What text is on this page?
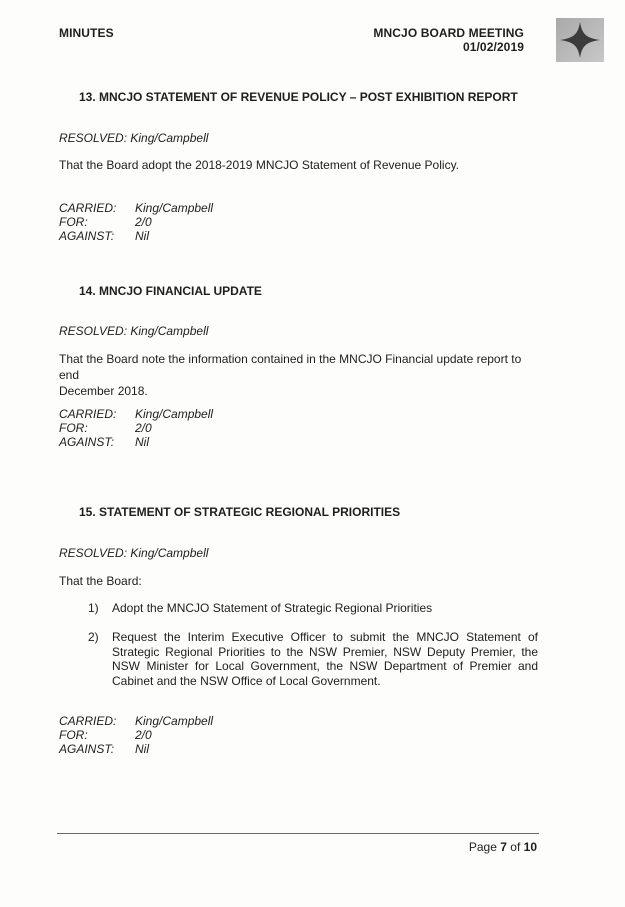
MINUTES	MNCJO BOARD MEETING
01/02/2019
13. MNCJO STATEMENT OF REVENUE POLICY – POST EXHIBITION REPORT
RESOLVED: King/Campbell
That the Board adopt the 2018-2019 MNCJO Statement of Revenue Policy.
CARRIED:	King/Campbell
FOR:	2/0
AGAINST:	Nil
14. MNCJO FINANCIAL UPDATE
RESOLVED: King/Campbell
That the Board note the information contained in the MNCJO Financial update report to end
December 2018.
CARRIED:	King/Campbell
FOR:	2/0
AGAINST:	Nil
15. STATEMENT OF STRATEGIC REGIONAL PRIORITIES
RESOLVED: King/Campbell
That the Board:
1)	Adopt the MNCJO Statement of Strategic Regional Priorities
2)	Request the Interim Executive Officer to submit the MNCJO Statement of Strategic Regional Priorities to the NSW Premier, NSW Deputy Premier, the NSW Minister for Local Government, the NSW Department of Premier and Cabinet and the NSW Office of Local Government.
CARRIED:	King/Campbell
FOR:	2/0
AGAINST:	Nil
Page 7 of 10
